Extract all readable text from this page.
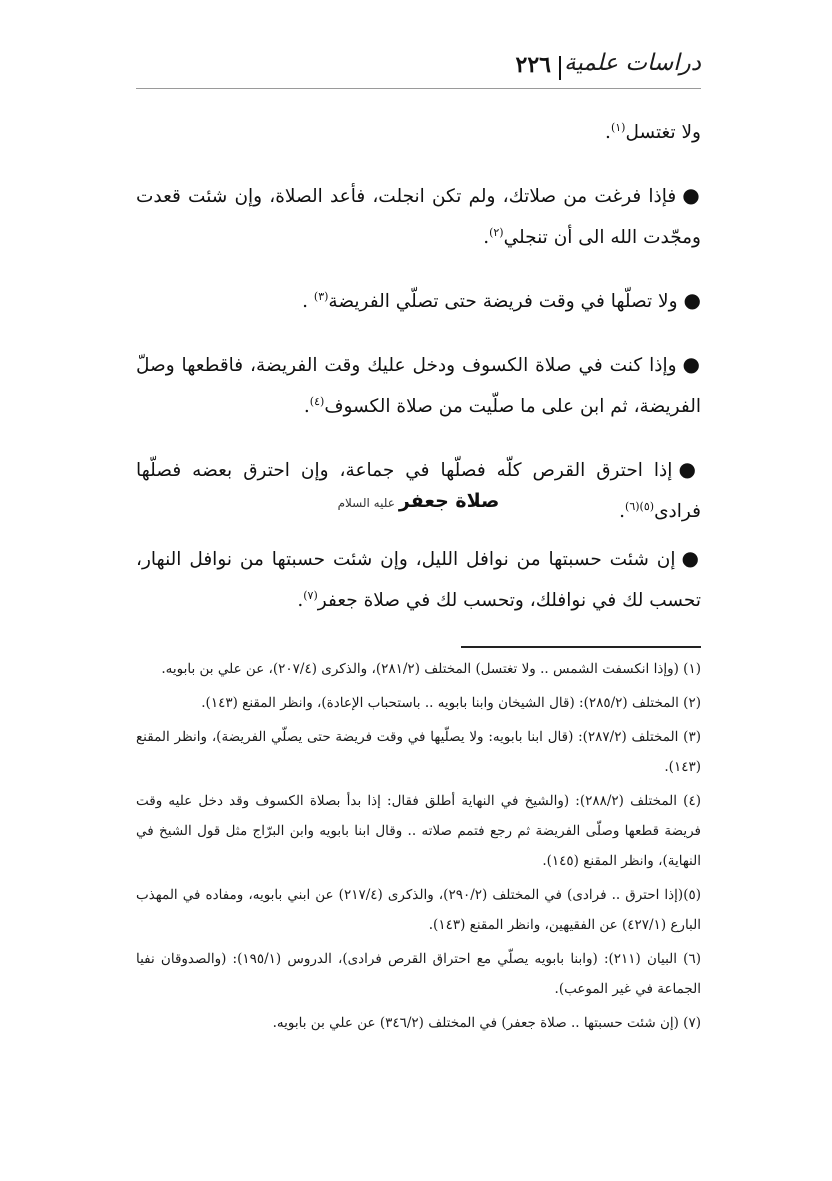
دراسات علمية
٢٢٦

ولا تغتسل$^{(١)}$.

●فإذا فرغت من صلاتك، ولم تكن انجلت، فأعد الصلاة، وإن شئت قعدت ومجّدت الله الى أن تنجلي$^{(٢)}$.

●ولا تصلّها في وقت فريضة حتى تصلّي الفريضة$^{(٣)}$ .

●وإذا كنت في صلاة الكسوف ودخل عليك وقت الفريضة، فاقطعها وصلّ الفريضة، ثم ابن على ما صلّيت من صلاة الكسوف$^{(٤)}$.

●إذا احترق القرص كلّه فصلّها في جماعة، وإن احترق بعضه فصلّها فرادى$^{(٥)(٦)}$.

صلاة جعفرعليه السلام

●إن شئت حسبتها من نوافل الليل، وإن شئت حسبتها من نوافل النهار، تحسب لك في نوافلك، وتحسب لك في صلاة جعفر$^{(٧)}$.

(١) (وإذا انكسفت الشمس .. ولا تغتسل) المختلف (٢٨١/٢)، والذكرى (٢٠٧/٤)، عن علي بن بابويه.

(٢) المختلف (٢٨٥/٢): (قال الشيخان وابنا بابويه .. باستحباب الإعادة)، وانظر المقنع (١٤٣).

(٣) المختلف (٢٨٧/٢): (قال ابنا بابويه: ولا يصلّيها في وقت فريضة حتى يصلّي الفريضة)، وانظر المقنع (١٤٣).

(٤) المختلف (٢٨٨/٢): (والشيخ في النهاية أطلق فقال: إذا بدأ بصلاة الكسوف وقد دخل عليه وقت فريضة قطعها وصلّى الفريضة ثم رجع فتمم صلاته .. وقال ابنا بابويه وابن البرّاج مثل قول الشيخ في النهاية)، وانظر المقنع (١٤٥).

(٥)(إذا احترق .. فرادى) في المختلف (٢٩٠/٢)، والذكرى (٢١٧/٤) عن ابني بابويه، ومفاده في المهذب البارع (٤٢٧/١) عن الفقيهين، وانظر المقنع (١٤٣).

(٦) البيان (٢١١): (وابنا بابويه يصلّي مع احتراق القرص فرادى)، الدروس (١٩٥/١): (والصدوقان نفيا الجماعة في غير الموعب).

(٧) (إن شئت حسبتها .. صلاة جعفر) في المختلف (٣٤٦/٢) عن علي بن بابويه.
